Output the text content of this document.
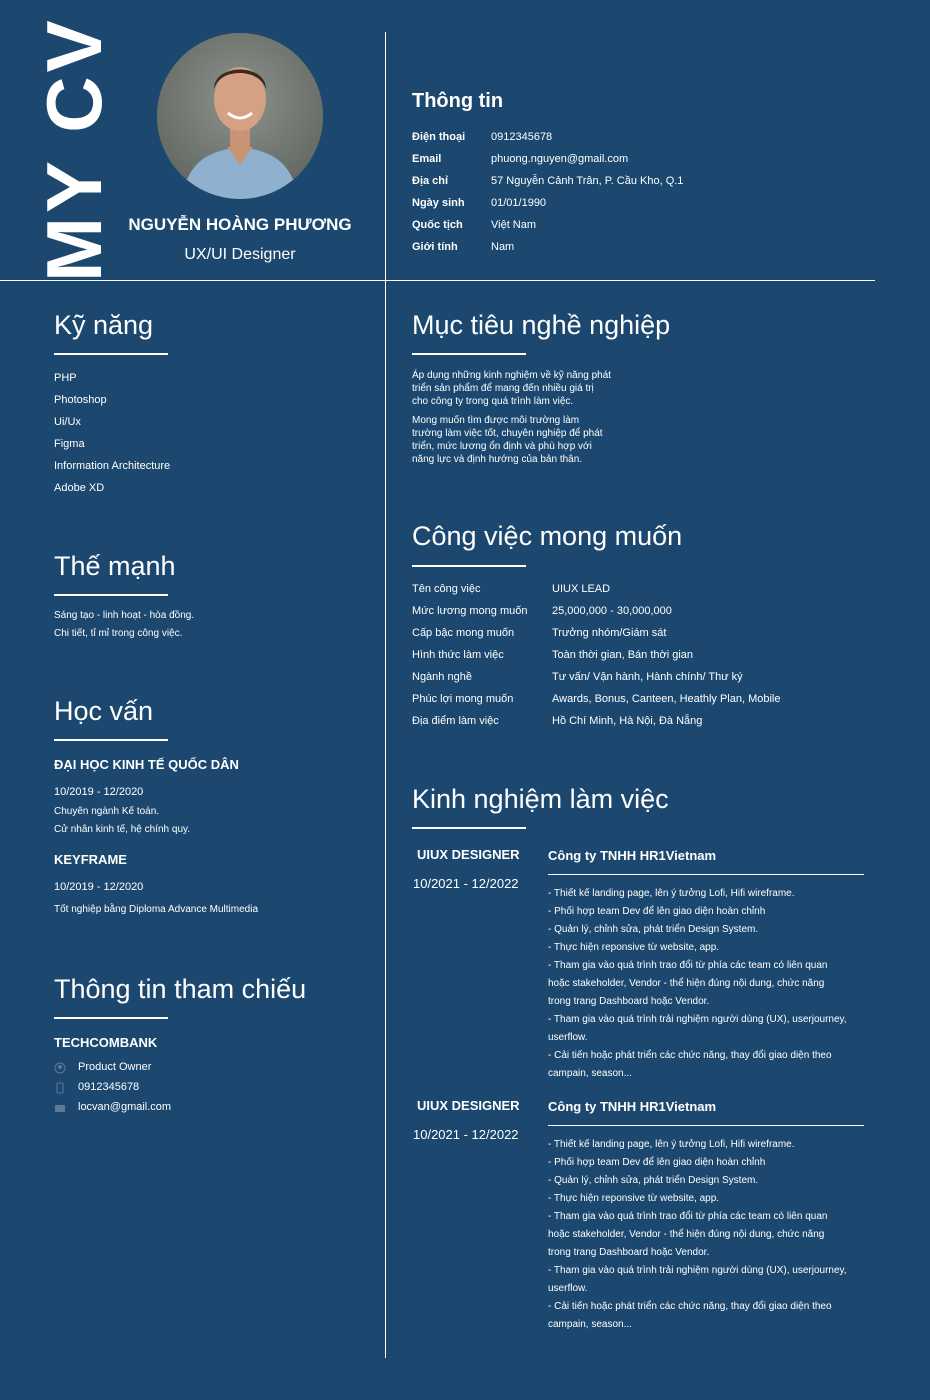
MY CV NGUYỄN HOÀNG PHƯƠNG
UX/UI Designer
Thông tin
Điện thoại 0912345678
Email	phuong.nguyen@gmail.com
Địa chỉ	57 Nguyễn Cảnh Trân, P. Cầu Kho, Q.1
Ngày sinh 01/01/1990
Quốc tịch	Việt Nam
Giới tính	Nam
Kỹ năng
PHP
Photoshop
Ui/Ux
Figma
Information Architecture
Adobe XD
Thế mạnh
Sáng tạo - linh hoạt - hòa đồng.
Chi tiết, tỉ mỉ trong công việc.
Học vấn
ĐẠI HỌC KINH TẾ QUỐC DÂN
10/2019 - 12/2020
Chuyên ngành Kế toán.
Cử nhân kinh tế, hệ chính quy.
KEYFRAME
10/2019 - 12/2020
Tốt nghiệp bằng Diploma Advance Multimedia
Thông tin tham chiếu
TECHCOMBANK
Product Owner
0912345678
locvan@gmail.com
Mục tiêu nghề nghiệp
Áp dụng những kinh nghiệm về kỹ năng phát triển sản phẩm để mang đến nhiều giá trị cho công ty trong quá trình làm việc.
Mong muốn tìm được môi trường làm trường làm việc tốt, chuyên nghiệp để phát triển, mức lương ổn định và phù hợp với năng lực và định hướng của bản thân.
Công việc mong muốn
Tên công việc	UIUX LEAD
Mức lương mong muốn 25,000,000 - 30,000,000
Cấp bậc mong muốn	Trưởng nhóm/Giám sát
Hình thức làm việc	Toàn thời gian, Bán thời gian
Ngành nghề	Tư vấn/ Vận hành, Hành chính/ Thư ký
Phúc lợi mong muốn	Awards, Bonus, Canteen, Heathly Plan, Mobile
Địa điểm làm việc	Hồ Chí Minh, Hà Nội, Đà Nẵng
Kinh nghiệm làm việc
UIUX DESIGNER
10/2021 - 12/2022
Công ty TNHH HR1Vietnam
- Thiết kế landing page, lên ý tưởng Lofi, Hifi wireframe.
- Phối hợp team Dev để lên giao diện hoàn chỉnh
- Quản lý, chỉnh sửa, phát triển Design System.
- Thực hiện reponsive từ website, app.
- Tham gia vào quá trình trao đổi từ phía các team có liên quan
hoặc stakeholder, Vendor - thể hiện đúng nội dung, chức năng
trong trang Dashboard hoặc Vendor.
- Tham gia vào quá trình trải nghiệm người dùng (UX), userjourney,
userflow.
- Cải tiến hoặc phát triển các chức năng, thay đổi giao diện theo
campain, season...
UIUX DESIGNER
10/2021 - 12/2022
Công ty TNHH HR1Vietnam
- Thiết kế landing page, lên ý tưởng Lofi, Hifi wireframe.
- Phối hợp team Dev để lên giao diện hoàn chỉnh
- Quản lý, chỉnh sửa, phát triển Design System.
- Thực hiện reponsive từ website, app.
- Tham gia vào quá trình trao đổi từ phía các team có liên quan
hoặc stakeholder, Vendor - thể hiện đúng nội dung, chức năng
trong trang Dashboard hoặc Vendor.
- Tham gia vào quá trình trải nghiệm người dùng (UX), userjourney,
userflow.
- Cải tiến hoặc phát triển các chức năng, thay đổi giao diện theo
campain, season...
